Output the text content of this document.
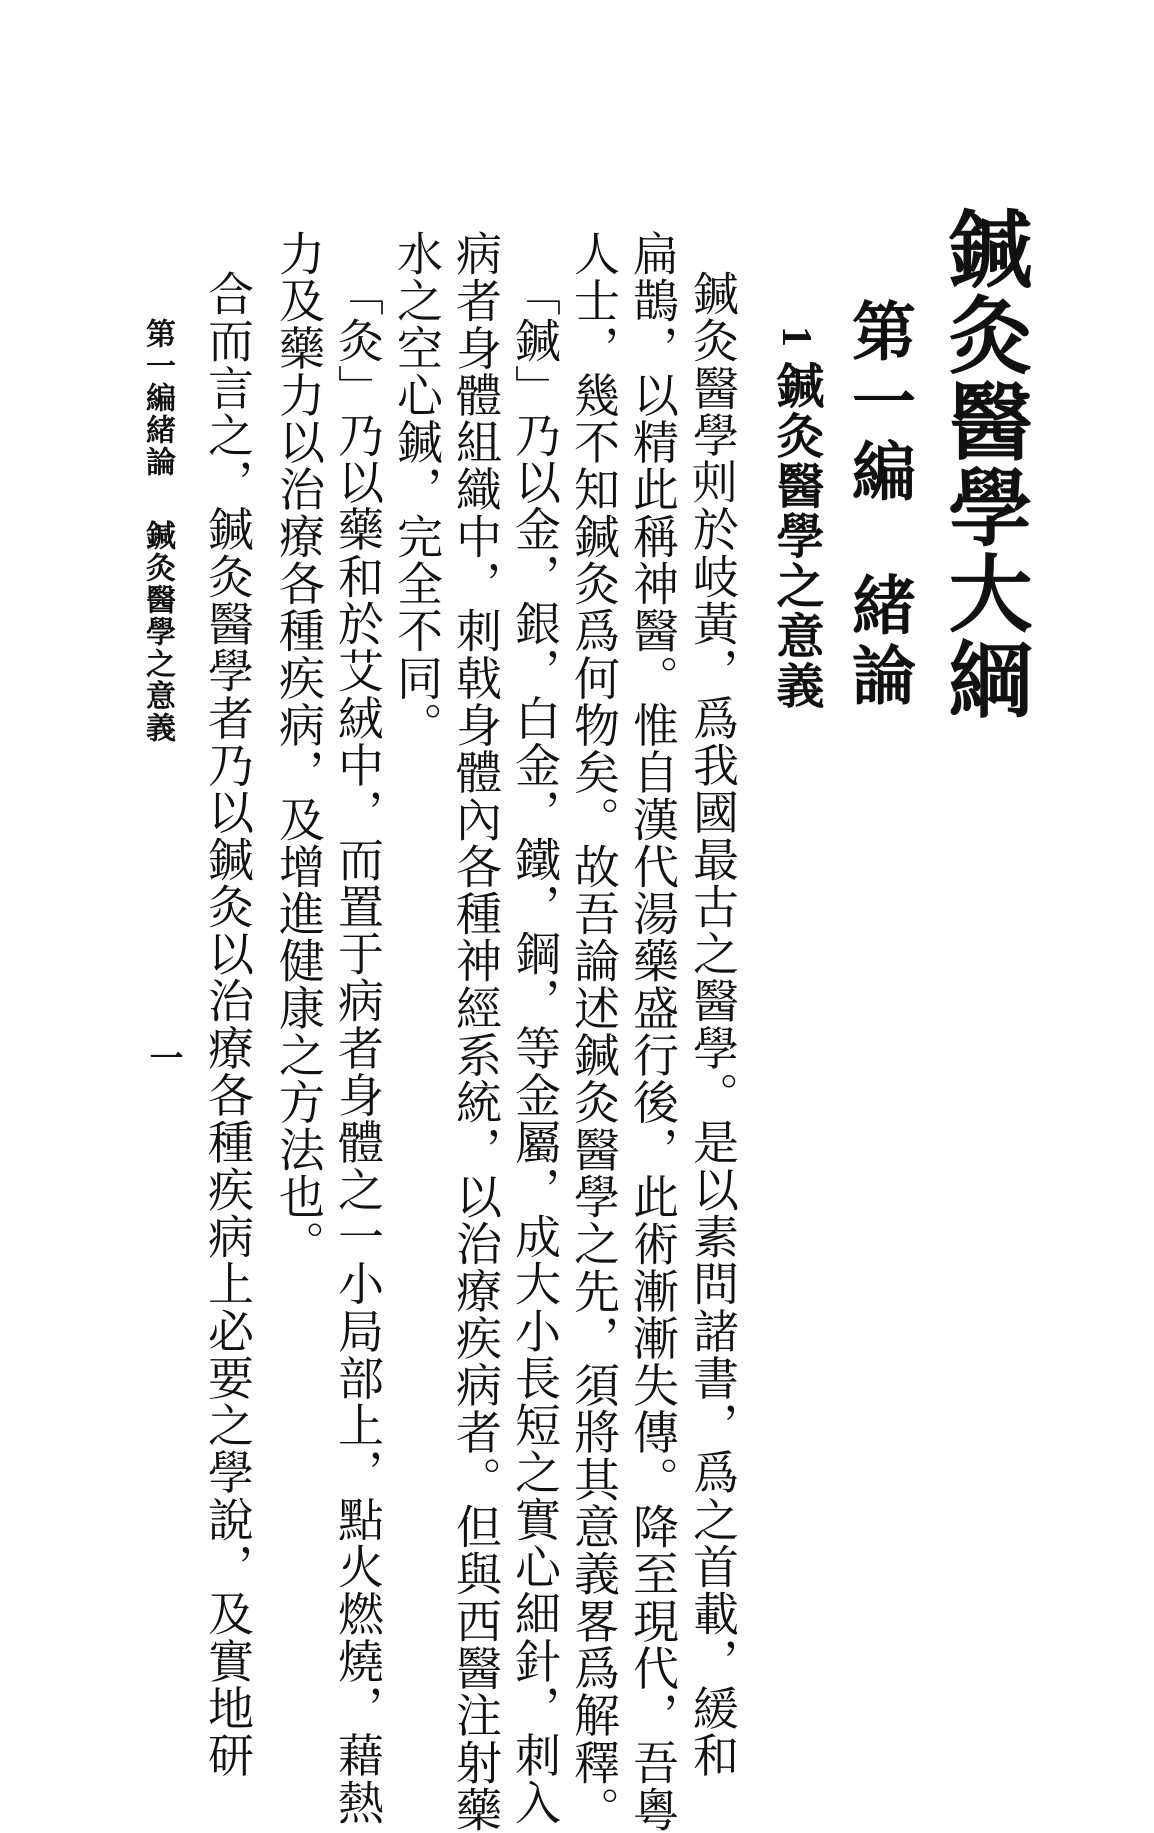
鍼灸醫學大綱
第一編緒論
1鍼灸醫學之意義

鍼灸醫學𠜇於岐黃，爲我國最古之醫學。是以素問諸書，爲之首載，緩和

扁鵲，以精此稱神醫。惟自漢代湯藥盛行後，此術漸漸失傳。降至現代，吾粵

人士，幾不知鍼灸爲何物矣。故吾論述鍼灸醫學之先，須將其意義畧爲解釋。

「鍼」乃以金，銀，白金，鐵，鋼，等金屬，成大小長短之實心細針，刺入

病者身體組織中，刺戟身體內各種神經系統，以治療疾病者。但與西醫注射藥

水之空心鍼，完全不同。

「灸」乃以藥和於艾絨中，而置于病者身體之一小局部上，點火燃燒，藉熱

力及藥力以治療各種疾病，及增進健康之方法也。

合而言之，鍼灸醫學者乃以鍼灸以治療各種疾病上必要之學說，及實地研

第一編緒論
鍼灸醫學之意義
一
